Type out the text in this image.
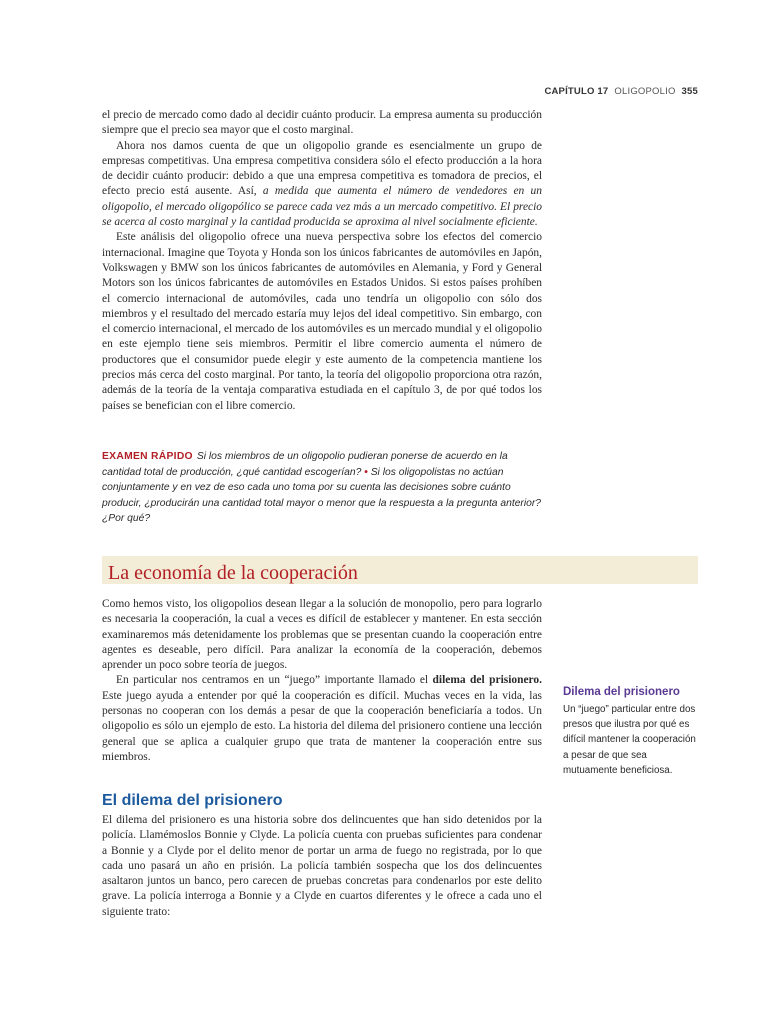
CAPÍTULO 17 OLIGOPOLIO 355

el precio de mercado como dado al decidir cuánto producir. La empresa aumenta su producción siempre que el precio sea mayor que el costo marginal.

Ahora nos damos cuenta de que un oligopolio grande es esencialmente un grupo de empresas competitivas. Una empresa competitiva considera sólo el efecto producción a la hora de decidir cuánto producir: debido a que una empresa competitiva es tomadora de precios, el efecto precio está ausente. Así, a medida que aumenta el número de vendedores en un oligopolio, el mercado oligopólico se parece cada vez más a un mercado competitivo. El precio se acerca al costo marginal y la cantidad producida se aproxima al nivel socialmente eficiente.

Este análisis del oligopolio ofrece una nueva perspectiva sobre los efectos del comercio internacional. Imagine que Toyota y Honda son los únicos fabricantes de automóviles en Japón, Volkswagen y BMW son los únicos fabricantes de automóviles en Alemania, y Ford y General Motors son los únicos fabricantes de automóviles en Estados Unidos. Si estos países prohíben el comercio internacional de automóviles, cada uno tendría un oligopolio con sólo dos miembros y el resultado del mercado estaría muy lejos del ideal competitivo. Sin embargo, con el comercio internacional, el mercado de los automóviles es un mercado mundial y el oligopolio en este ejemplo tiene seis miembros. Permitir el libre comercio aumenta el número de productores que el consumidor puede elegir y este aumento de la competencia mantiene los precios más cerca del costo marginal. Por tanto, la teoría del oligopolio proporciona otra razón, además de la teoría de la ventaja comparativa estudiada en el capítulo 3, de por qué todos los países se benefician con el libre comercio.

EXAMEN RÁPIDO Si los miembros de un oligopolio pudieran ponerse de acuerdo en la cantidad total de producción, ¿qué cantidad escogerían? • Si los oligopolistas no actúan conjuntamente y en vez de eso cada uno toma por su cuenta las decisiones sobre cuánto producir, ¿producirán una cantidad total mayor o menor que la respuesta a la pregunta anterior? ¿Por qué?

La economía de la cooperación

Como hemos visto, los oligopolios desean llegar a la solución de monopolio, pero para lograrlo es necesaria la cooperación, la cual a veces es difícil de establecer y mantener. En esta sección examinaremos más detenidamente los problemas que se presentan cuando la cooperación entre agentes es deseable, pero difícil. Para analizar la economía de la cooperación, debemos aprender un poco sobre teoría de juegos.

En particular nos centramos en un “juego” importante llamado el dilema del prisionero. Este juego ayuda a entender por qué la cooperación es difícil. Muchas veces en la vida, las personas no cooperan con los demás a pesar de que la cooperación beneficiaría a todos. Un oligopolio es sólo un ejemplo de esto. La historia del dilema del prisionero contiene una lección general que se aplica a cualquier grupo que trata de mantener la cooperación entre sus miembros.

Dilema del prisionero

Un “juego” particular entre dos presos que ilustra por qué es difícil mantener la cooperación a pesar de que sea mutuamente beneficiosa.

El dilema del prisionero

El dilema del prisionero es una historia sobre dos delincuentes que han sido detenidos por la policía. Llamémoslos Bonnie y Clyde. La policía cuenta con pruebas suficientes para condenar a Bonnie y a Clyde por el delito menor de portar un arma de fuego no registrada, por lo que cada uno pasará un año en prisión. La policía también sospecha que los dos delincuentes asaltaron juntos un banco, pero carecen de pruebas concretas para condenarlos por este delito grave. La policía interroga a Bonnie y a Clyde en cuartos diferentes y le ofrece a cada uno el siguiente trato:
